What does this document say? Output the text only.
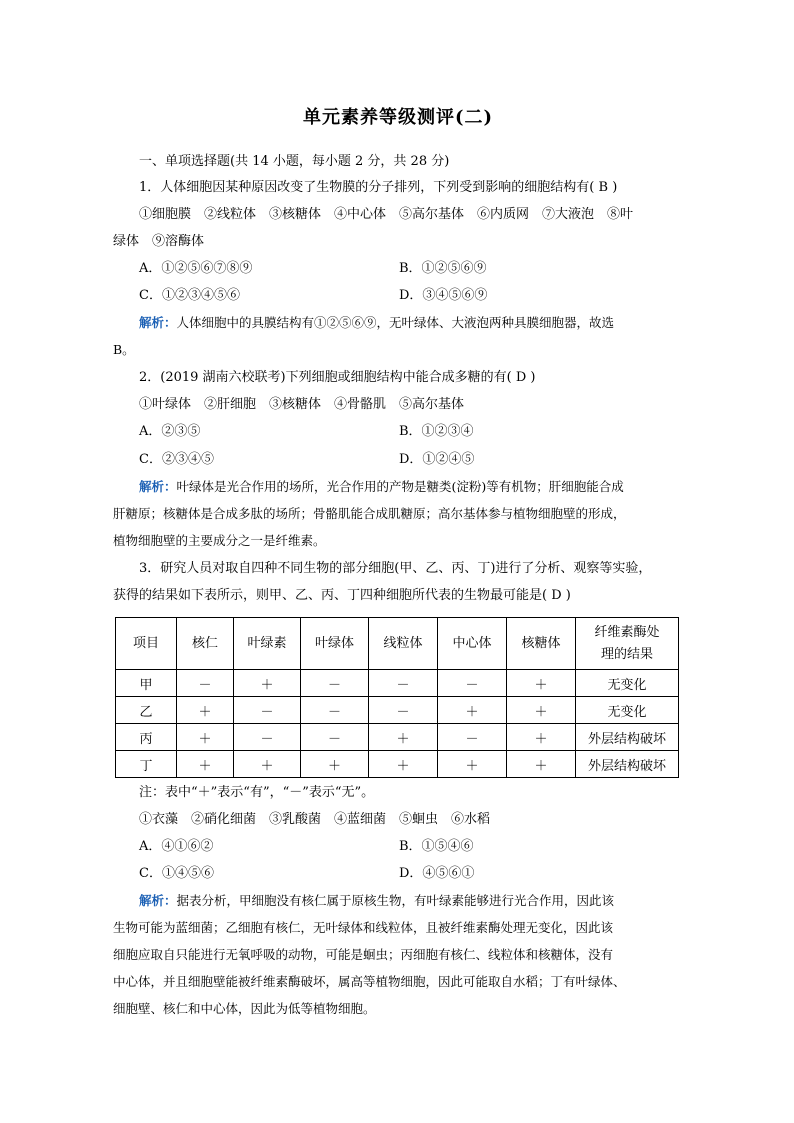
单元素养等级测评(二)
一、单项选择题(共 14 小题，每小题 2 分，共 28 分)
1．人体细胞因某种原因改变了生物膜的分子排列，下列受到影响的细胞结构有( B )
①细胞膜　②线粒体　③核糖体　④中心体　⑤高尔基体　⑥内质网　⑦大液泡　⑧叶
绿体　⑨溶酶体
A．①②⑤⑥⑦⑧⑨	B．①②⑤⑥⑨
C．①②③④⑤⑥	D．③④⑤⑥⑨
解析：人体细胞中的具膜结构有①②⑤⑥⑨，无叶绿体、大液泡两种具膜细胞器，故选
B。
2．(2019 湖南六校联考)下列细胞或细胞结构中能合成多糖的有( D )
①叶绿体　②肝细胞　③核糖体　④骨骼肌　⑤高尔基体
A．②③⑤	B．①②③④
C．②③④⑤	D．①②④⑤
解析：叶绿体是光合作用的场所，光合作用的产物是糖类(淀粉)等有机物；肝细胞能合成
肝糖原；核糖体是合成多肽的场所；骨骼肌能合成肌糖原；高尔基体参与植物细胞壁的形成，
植物细胞壁的主要成分之一是纤维素。
3．研究人员对取自四种不同生物的部分细胞(甲、乙、丙、丁)进行了分析、观察等实验，
获得的结果如下表所示，则甲、乙、丙、丁四种细胞所代表的生物最可能是( D )
项目	核仁	叶绿素	叶绿体	线粒体	中心体	核糖体	纤维素酶处
理的结果

甲	－	＋	－	－	－	＋	无变化
乙	＋	－	－	－	＋	＋	无变化
丙	＋	－	－	＋	－	＋	外层结构破坏
丁	＋	＋	＋	＋	＋	＋	外层结构破坏
注：表中“＋”表示“有”，“－”表示“无”。
①衣藻　②硝化细菌　③乳酸菌　④蓝细菌　⑤蛔虫　⑥水稻
A．④①⑥②	B．①⑤④⑥
C．①④⑤⑥	D．④⑤⑥①
解析：据表分析，甲细胞没有核仁属于原核生物，有叶绿素能够进行光合作用，因此该
生物可能为蓝细菌；乙细胞有核仁，无叶绿体和线粒体，且被纤维素酶处理无变化，因此该
细胞应取自只能进行无氧呼吸的动物，可能是蛔虫；丙细胞有核仁、线粒体和核糖体，没有
中心体，并且细胞壁能被纤维素酶破坏，属高等植物细胞，因此可能取自水稻；丁有叶绿体、
细胞壁、核仁和中心体，因此为低等植物细胞。
